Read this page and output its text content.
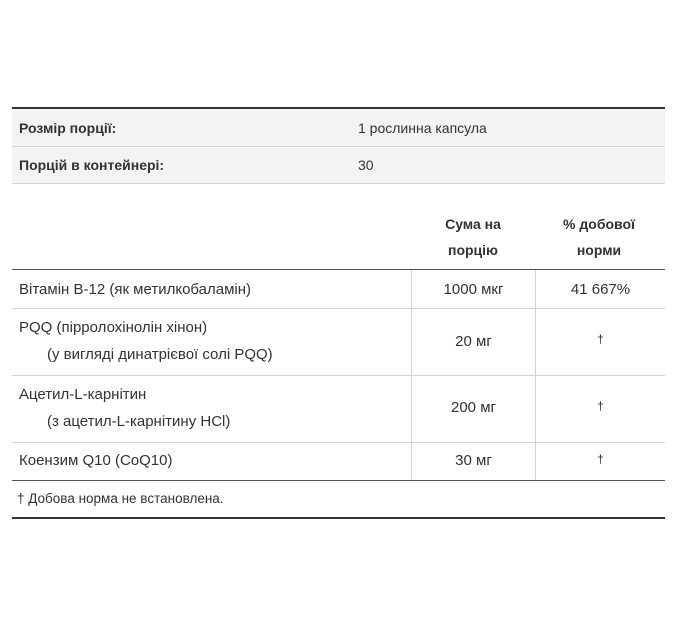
Розмір порції:	1 рослинна капсула
Порцій в контейнері:	30
Сума на
порцію
% добової
норми
Вітамін B-12 (як метилкобаламін)	1000 мкг	41 667%
PQQ (пірролохінолін хінон)
(у вигляді динатрієвої солі PQQ)
20 мг	†
Ацетил-L-карнітин
(з ацетил-L-карнітину HCl)
200 мг	†
Коензим Q10 (CoQ10)	30 мг	†
† Добова норма не встановлена.
